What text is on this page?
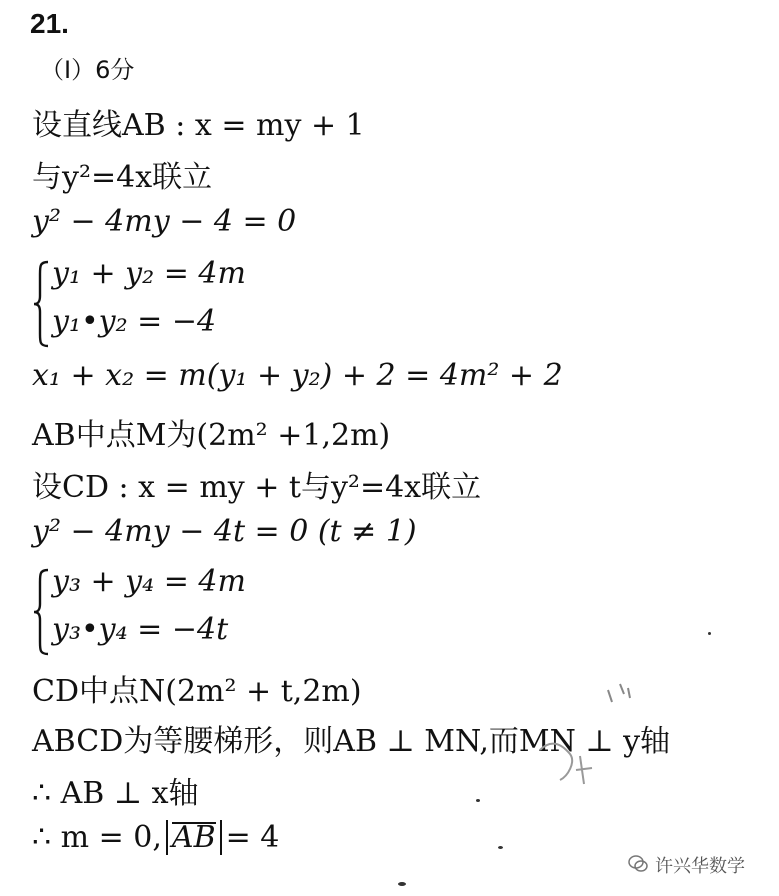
21.
（Ⅰ）6分
设直线AB : x = my + 1
与y²=4x联立
y² − 4my − 4 = 0
y₁ + y₂ = 4m
y₁•y₂ = −4
x₁ + x₂ = m(y₁ + y₂) + 2 = 4m² + 2
AB中点M为(2m² +1,2m)
设CD : x = my + t与y²=4x联立
y² − 4my − 4t = 0 (t ≠ 1)
y₃ + y₄ = 4m
y₃•y₄ = −4t
CD中点N(2m² + t,2m)
ABCD为等腰梯形，则AB ⊥ MN,而MN ⊥ y轴
∴ AB ⊥ x轴
∴ m = 0, AB = 4
许兴华数学
